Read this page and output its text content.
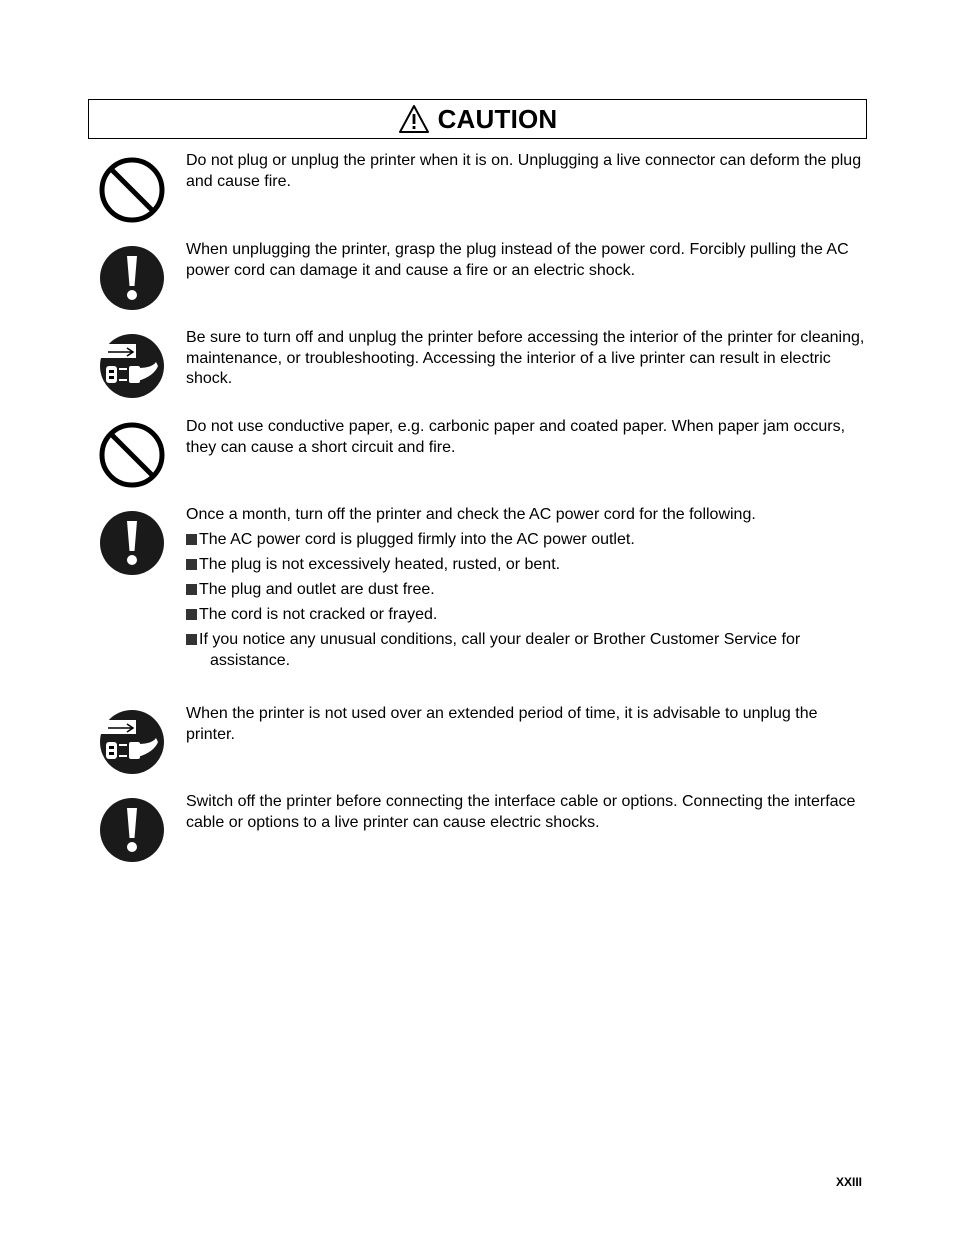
CAUTION
Do not plug or unplug the printer when it is on. Unplugging a live connector can deform the plug and cause fire.
When unplugging the printer, grasp the plug instead of the power cord. Forcibly pulling the AC power cord can damage it and cause a fire or an electric shock.
Be sure to turn off and unplug the printer before accessing the interior of the printer for cleaning, maintenance, or troubleshooting. Accessing the interior of a live printer can result in electric shock.
Do not use conductive paper, e.g. carbonic paper and coated paper. When paper jam occurs, they can cause a short circuit and fire.
Once a month, turn off the printer and check the AC power cord for the following.
The AC power cord is plugged firmly into the AC power outlet.
The plug is not excessively heated, rusted, or bent.
The plug and outlet are dust free.
The cord is not cracked or frayed.
If you notice any unusual conditions, call your dealer or Brother Customer Service for
assistance.
When the printer is not used over an extended period of time, it is advisable to unplug the printer.
Switch off the printer before connecting the interface cable or options. Connecting the interface cable or options to a live printer can cause electric shocks.
XXIII
